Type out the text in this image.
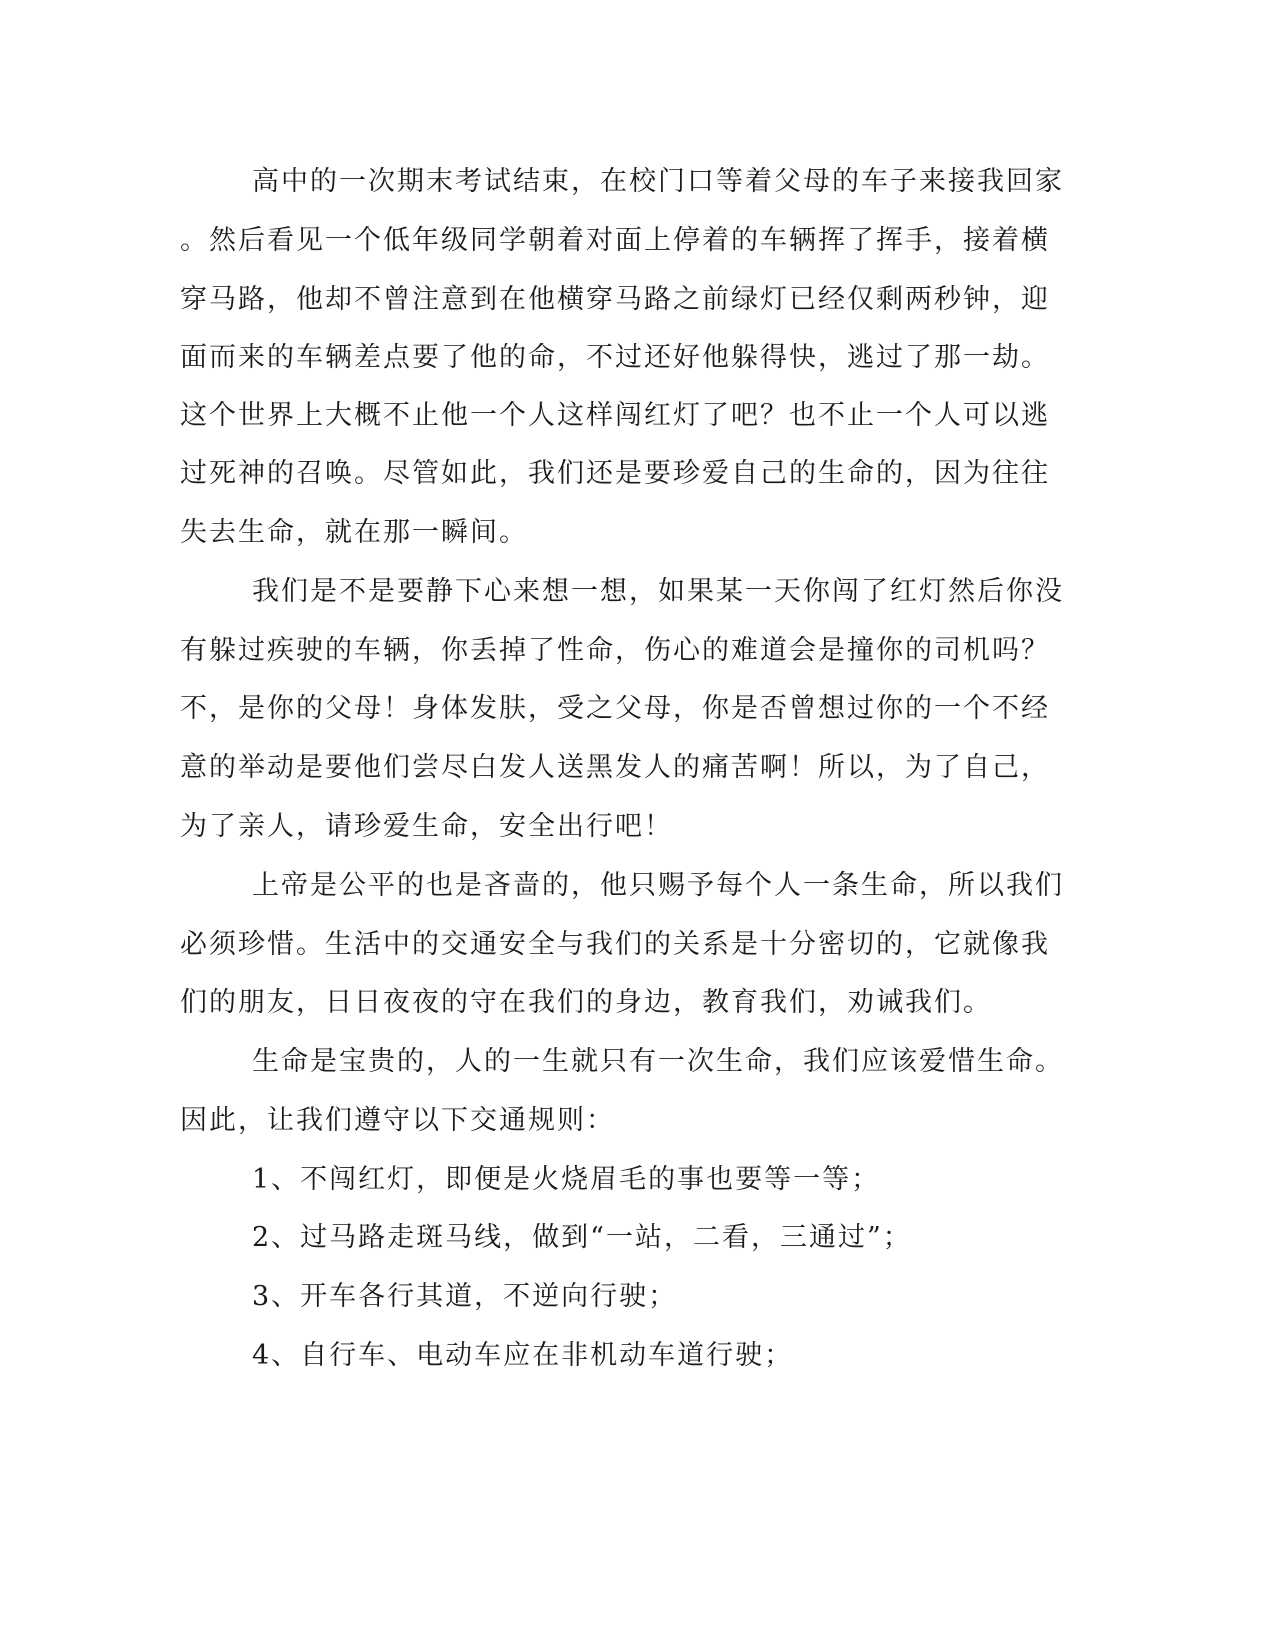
高中的一次期末考试结束，在校门口等着父母的车子来接我回家
。然后看见一个低年级同学朝着对面上停着的车辆挥了挥手，接着横
穿马路，他却不曾注意到在他横穿马路之前绿灯已经仅剩两秒钟，迎
面而来的车辆差点要了他的命，不过还好他躲得快，逃过了那一劫。
这个世界上大概不止他一个人这样闯红灯了吧？也不止一个人可以逃
过死神的召唤。尽管如此，我们还是要珍爱自己的生命的，因为往往
失去生命，就在那一瞬间。
我们是不是要静下心来想一想，如果某一天你闯了红灯然后你没
有躲过疾驶的车辆，你丢掉了性命，伤心的难道会是撞你的司机吗？
不，是你的父母！身体发肤，受之父母，你是否曾想过你的一个不经
意的举动是要他们尝尽白发人送黑发人的痛苦啊！所以，为了自己，
为了亲人，请珍爱生命，安全出行吧！
上帝是公平的也是吝啬的，他只赐予每个人一条生命，所以我们
必须珍惜。生活中的交通安全与我们的关系是十分密切的，它就像我
们的朋友，日日夜夜的守在我们的身边，教育我们，劝诫我们。
生命是宝贵的，人的一生就只有一次生命，我们应该爱惜生命。
因此，让我们遵守以下交通规则：
1、不闯红灯，即便是火烧眉毛的事也要等一等；
2、过马路走斑马线，做到“一站，二看，三通过”；
3、开车各行其道，不逆向行驶；
4、自行车、电动车应在非机动车道行驶；
